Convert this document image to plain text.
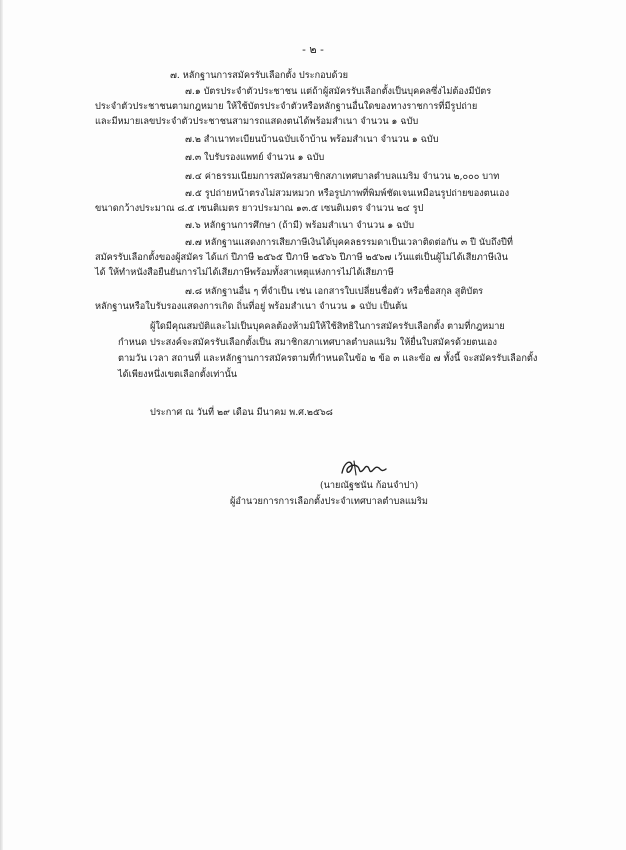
- ๒ -
๗. หลักฐานการสมัครรับเลือกตั้ง ประกอบด้วย
๗.๑ บัตรประจำตัวประชาชน แต่ถ้าผู้สมัครรับเลือกตั้งเป็นบุคคลซึ่งไม่ต้องมีบัตร
ประจำตัวประชาชนตามกฎหมาย ให้ใช้บัตรประจำตัวหรือหลักฐานอื่นใดของทางราชการที่มีรูปถ่าย
และมีหมายเลขประจำตัวประชาชนสามารถแสดงตนได้พร้อมสำเนา จำนวน ๑ ฉบับ
๗.๒ สำเนาทะเบียนบ้านฉบับเจ้าบ้าน พร้อมสำเนา จำนวน ๑ ฉบับ
๗.๓ ใบรับรองแพทย์ จำนวน ๑ ฉบับ
๗.๔ ค่าธรรมเนียมการสมัครสมาชิกสภาเทศบาลตำบลแมริม จำนวน ๒,๐๐๐ บาท
๗.๕ รูปถ่ายหน้าตรงไม่สวมหมวก หรือรูปภาพที่พิมพ์ชัดเจนเหมือนรูปถ่ายของตนเอง
ขนาดกว้างประมาณ ๘.๕ เซนติเมตร ยาวประมาณ ๑๓.๕ เซนติเมตร จำนวน ๒๔ รูป
๗.๖ หลักฐานการศึกษา (ถ้ามี) พร้อมสำเนา จำนวน ๑ ฉบับ
๗.๗ หลักฐานแสดงการเสียภาษีเงินได้บุคคลธรรมดาเป็นเวลาติดต่อกัน ๓ ปี นับถึงปีที่
สมัครรับเลือกตั้งของผู้สมัคร ได้แก่ ปีภาษี ๒๕๖๕ ปีภาษี ๒๕๖๖ ปีภาษี ๒๕๖๗ เว้นแต่เป็นผู้ไม่ได้เสียภาษีเงิน
ได้ ให้ทำหนังสือยืนยันการไม่ได้เสียภาษีพร้อมทั้งสาเหตุแห่งการไม่ได้เสียภาษี
๗.๘ หลักฐานอื่น ๆ ที่จำเป็น เช่น เอกสารใบเปลี่ยนชื่อตัว หรือชื่อสกุล สูติบัตร
หลักฐานหรือใบรับรองแสดงการเกิด ถิ่นที่อยู่ พร้อมสำเนา จำนวน ๑ ฉบับ เป็นต้น
ผู้ใดมีคุณสมบัติและไม่เป็นบุคคลต้องห้ามมิให้ใช้สิทธิในการสมัครรับเลือกตั้ง ตามที่กฎหมาย
กำหนด ประสงค์จะสมัครรับเลือกตั้งเป็น สมาชิกสภาเทศบาลตำบลแมริม ให้ยื่นใบสมัครด้วยตนเอง
ตามวัน เวลา สถานที่ และหลักฐานการสมัครตามที่กำหนดในข้อ ๒ ข้อ ๓ และข้อ ๗ ทั้งนี้ จะสมัครรับเลือกตั้ง
ได้เพียงหนึ่งเขตเลือกตั้งเท่านั้น
ประกาศ ณ วันที่ ๒๙ เดือน มีนาคม พ.ศ.๒๕๖๘
(นายณัฐชนัน ก้อนจำปา)
ผู้อำนวยการการเลือกตั้งประจำเทศบาลตำบลแมริม
